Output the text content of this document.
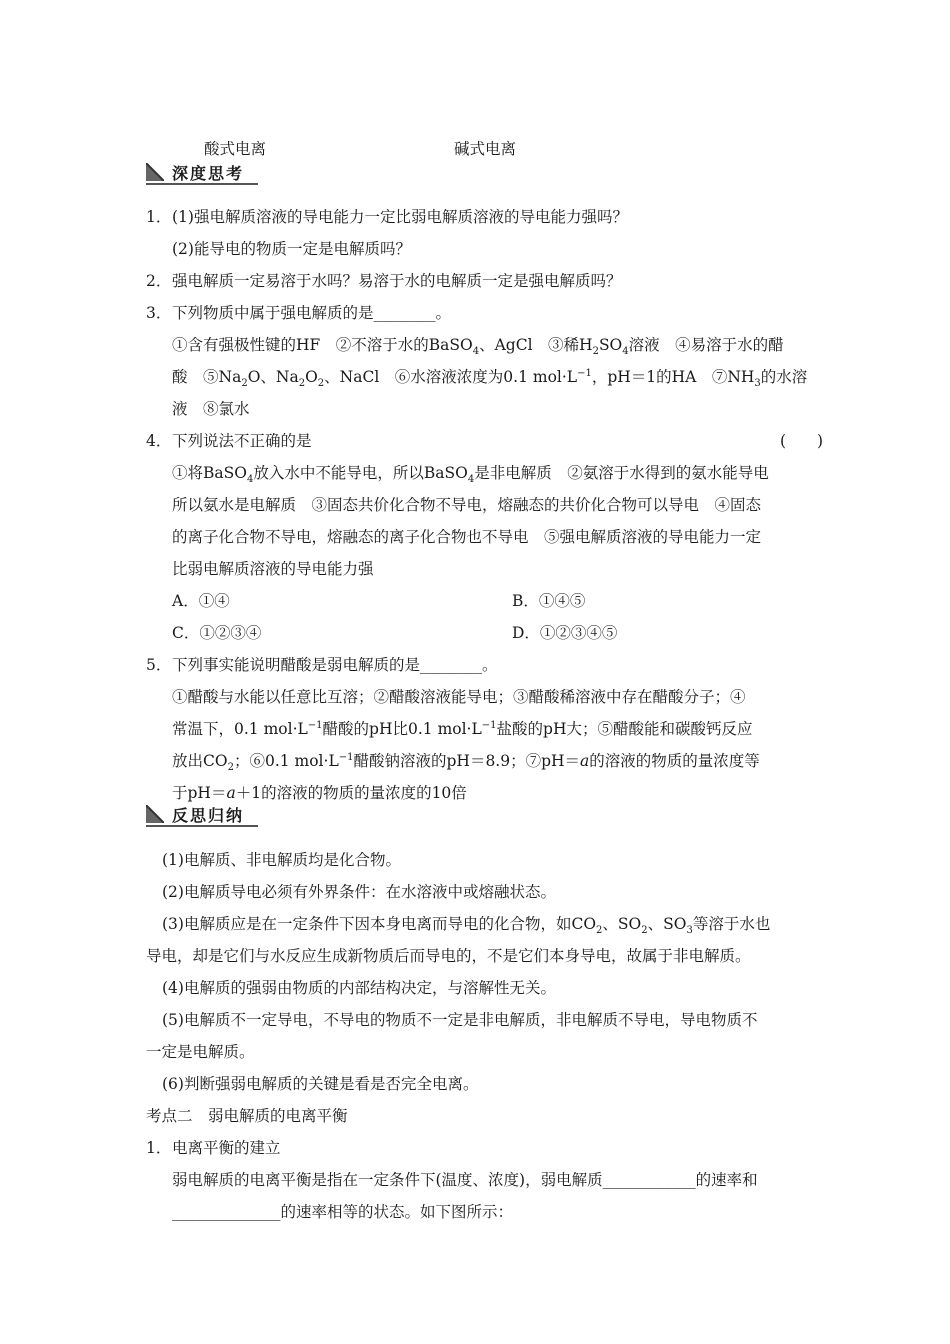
酸式电离	碱式电离
深度思考
1． (1)强电解质溶液的导电能力一定比弱电解质溶液的导电能力强吗？
(2)能导电的物质一定是电解质吗？
2． 强电解质一定易溶于水吗？易溶于水的电解质一定是强电解质吗？
3． 下列物质中属于强电解质的是________。
①含有强极性键的HF　②不溶于水的BaSO$_4$、AgCl　③稀$H_2SO_4$溶液　④易溶于水的醋
酸　$⑤Na_2O$、$Na_2O_2$、NaCl　⑥水溶液浓度为0.1 $mol\cdot L^{-1}$，pH＝1的HA　$⑦NH_3$的水溶
液　⑧氯水
4． 下列说法不正确的是	(　　)
①将BaSO$_4$放入水中不能导电，所以BaSO$_4$是非电解质　②氨溶于水得到的氨水能导电
所以氨水是电解质　③固态共价化合物不导电，熔融态的共价化合物可以导电　④固态
的离子化合物不导电，熔融态的离子化合物也不导电　⑤强电解质溶液的导电能力一定
比弱电解质溶液的导电能力强
A．①④	B．①④⑤
C．①②③④	D．①②③④⑤
5． 下列事实能说明醋酸是弱电解质的是________。
①醋酸与水能以任意比互溶；②醋酸溶液能导电；③醋酸稀溶液中存在醋酸分子；④
常温下，0.1 $mol\cdot L^{-1}$醋酸的pH比0.1 $mol\cdot L^{-1}$盐酸的pH大；⑤醋酸能和碳酸钙反应
放出$CO_2$；⑥0.1 $mol\cdot L^{-1}$醋酸钠溶液的pH＝8.9；⑦pH＝a的溶液的物质的量浓度等
于pH＝a＋1的溶液的物质的量浓度的10倍
反思归纳
(1)电解质、非电解质均是化合物。
(2)电解质导电必须有外界条件：在水溶液中或熔融状态。
(3)电解质应是在一定条件下因本身电离而导电的化合物，如$CO_2$、$SO_2$、$SO_3$等溶于水也
导电，却是它们与水反应生成新物质后而导电的，不是它们本身导电，故属于非电解质。
(4)电解质的强弱由物质的内部结构决定，与溶解性无关。
(5)电解质不一定导电，不导电的物质不一定是非电解质，非电解质不导电，导电物质不
一定是电解质。
(6)判断强弱电解质的关键是看是否完全电离。
考点二　弱电解质的电离平衡
1． 电离平衡的建立
弱电解质的电离平衡是指在一定条件下(温度、浓度)，弱电解质____________的速率和
______________的速率相等的状态。如下图所示：
